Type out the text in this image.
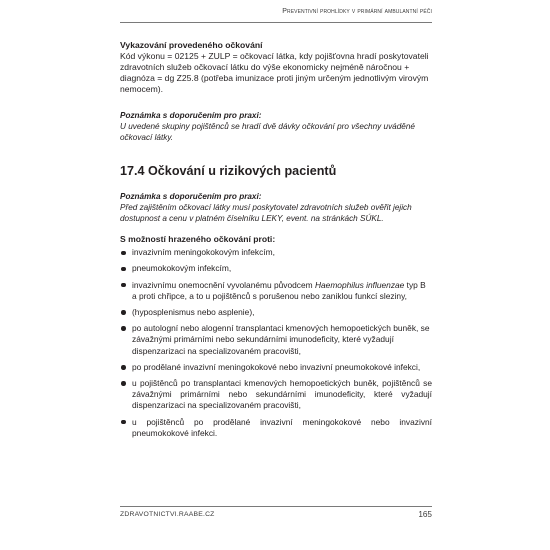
Preventivní prohlídky v primární ambulantní péči

Vykazování provedeného očkování

Kód výkonu = 02125 + ZULP = očkovací látka, kdy pojišťovna hradí poskytovateli zdravotních služeb očkovací látku do výše ekonomicky nejméně náročnou + diagnóza = dg Z25.8 (potřeba imunizace proti jiným určeným jednotlivým virovým nemocem).

Poznámka s doporučením pro praxi:

U uvedené skupiny pojištěnců se hradí dvě dávky očkování pro všechny uváděné očkovací látky.

17.4 Očkování u rizikových pacientů

Poznámka s doporučením pro praxi:

Před zajištěním očkovací látky musí poskytovatel zdravotních služeb ověřit jejich dostupnost a cenu v platném číselníku LEKY, event. na stránkách SÚKL.

S možností hrazeného očkování proti:

invazivním meningokokovým infekcím,
pneumokokovým infekcím,
invazivnímu onemocnění vyvolanému původcem Haemophilus influenzae typ B a proti chřipce, a to u pojištěnců s porušenou nebo zaniklou funkcí sleziny,
(hyposplenismus nebo asplenie),
po autologní nebo alogenní transplantaci kmenových hemopoetických buněk, se závažnými primárními nebo sekundárními imunodeficity, které vyžadují dispenzarizaci na specializovaném pracovišti,
po prodělané invazivní meningokokové nebo invazivní pneumokokové infekci,
u pojištěnců po transplantaci kmenových hemopoetických buněk, pojištěnců se závažnými primárními nebo sekundárními imunodeficity, které vyžadují dispenzarizaci na specializovaném pracovišti,
u pojištěnců po prodělané invazivní meningokokové nebo invazivní pneumokokové infekci.
ZDRAVOTNICTVI.RAABE.CZ	165
